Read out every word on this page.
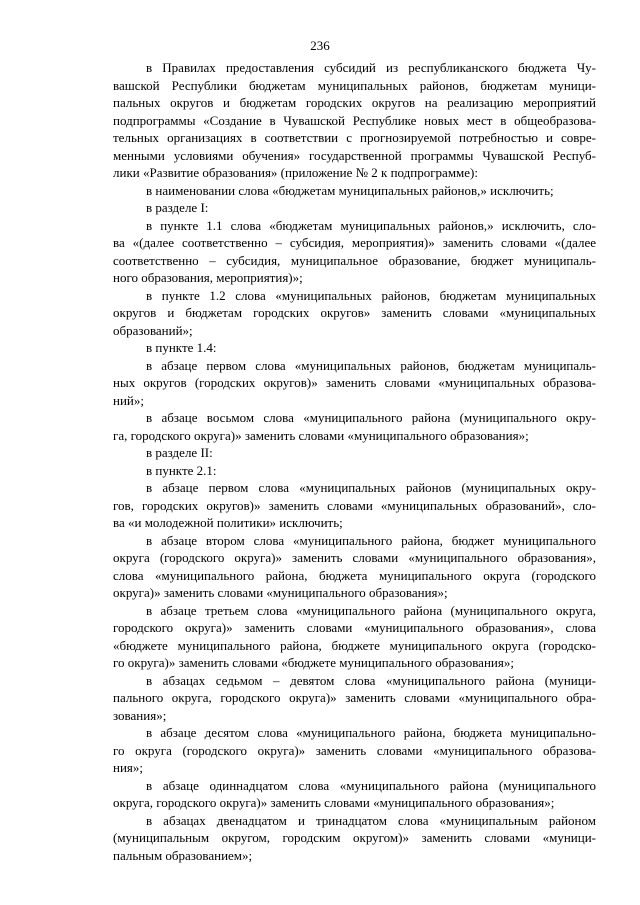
236
в Правилах предоставления субсидий из республиканского бюджета Чу-
вашской Республики бюджетам муниципальных районов, бюджетам муници-
пальных округов и бюджетам городских округов на реализацию мероприятий
подпрограммы «Создание в Чувашской Республике новых мест в общеобразова-
тельных организациях в соответствии с прогнозируемой потребностью и совре-
менными условиями обучения» государственной программы Чувашской Респуб-
лики «Развитие образования» (приложение № 2 к подпрограмме):
в наименовании слова «бюджетам муниципальных районов,» исключить;
в разделе I:
в пункте 1.1 слова «бюджетам муниципальных районов,» исключить, сло-
ва «(далее соответственно – субсидия, мероприятия)» заменить словами «(далее
соответственно – субсидия, муниципальное образование, бюджет муниципаль-
ного образования, мероприятия)»;
в пункте 1.2 слова «муниципальных районов, бюджетам муниципальных
округов и бюджетам городских округов» заменить словами «муниципальных
образований»;
в пункте 1.4:
в абзаце первом слова «муниципальных районов, бюджетам муниципаль-
ных округов (городских округов)» заменить словами «муниципальных образова-
ний»;
в абзаце восьмом слова «муниципального района (муниципального окру-
га, городского округа)» заменить словами «муниципального образования»;
в разделе II:
в пункте 2.1:
в абзаце первом слова «муниципальных районов (муниципальных окру-
гов, городских округов)» заменить словами «муниципальных образований», сло-
ва «и молодежной политики» исключить;
в абзаце втором слова «муниципального района, бюджет муниципального
округа (городского округа)» заменить словами «муниципального образования»,
слова «муниципального района, бюджета муниципального округа (городского
округа)» заменить словами «муниципального образования»;
в абзаце третьем слова «муниципального района (муниципального округа,
городского округа)» заменить словами «муниципального образования», слова
«бюджете муниципального района, бюджете муниципального округа (городско-
го округа)» заменить словами «бюджете муниципального образования»;
в абзацах седьмом – девятом слова «муниципального района (муници-
пального округа, городского округа)» заменить словами «муниципального обра-
зования»;
в абзаце десятом слова «муниципального района, бюджета муниципально-
го округа (городского округа)» заменить словами «муниципального образова-
ния»;
в абзаце одиннадцатом слова «муниципального района (муниципального
округа, городского округа)» заменить словами «муниципального образования»;
в абзацах двенадцатом и тринадцатом слова «муниципальным районом
(муниципальным округом, городским округом)» заменить словами «муници-
пальным образованием»;
